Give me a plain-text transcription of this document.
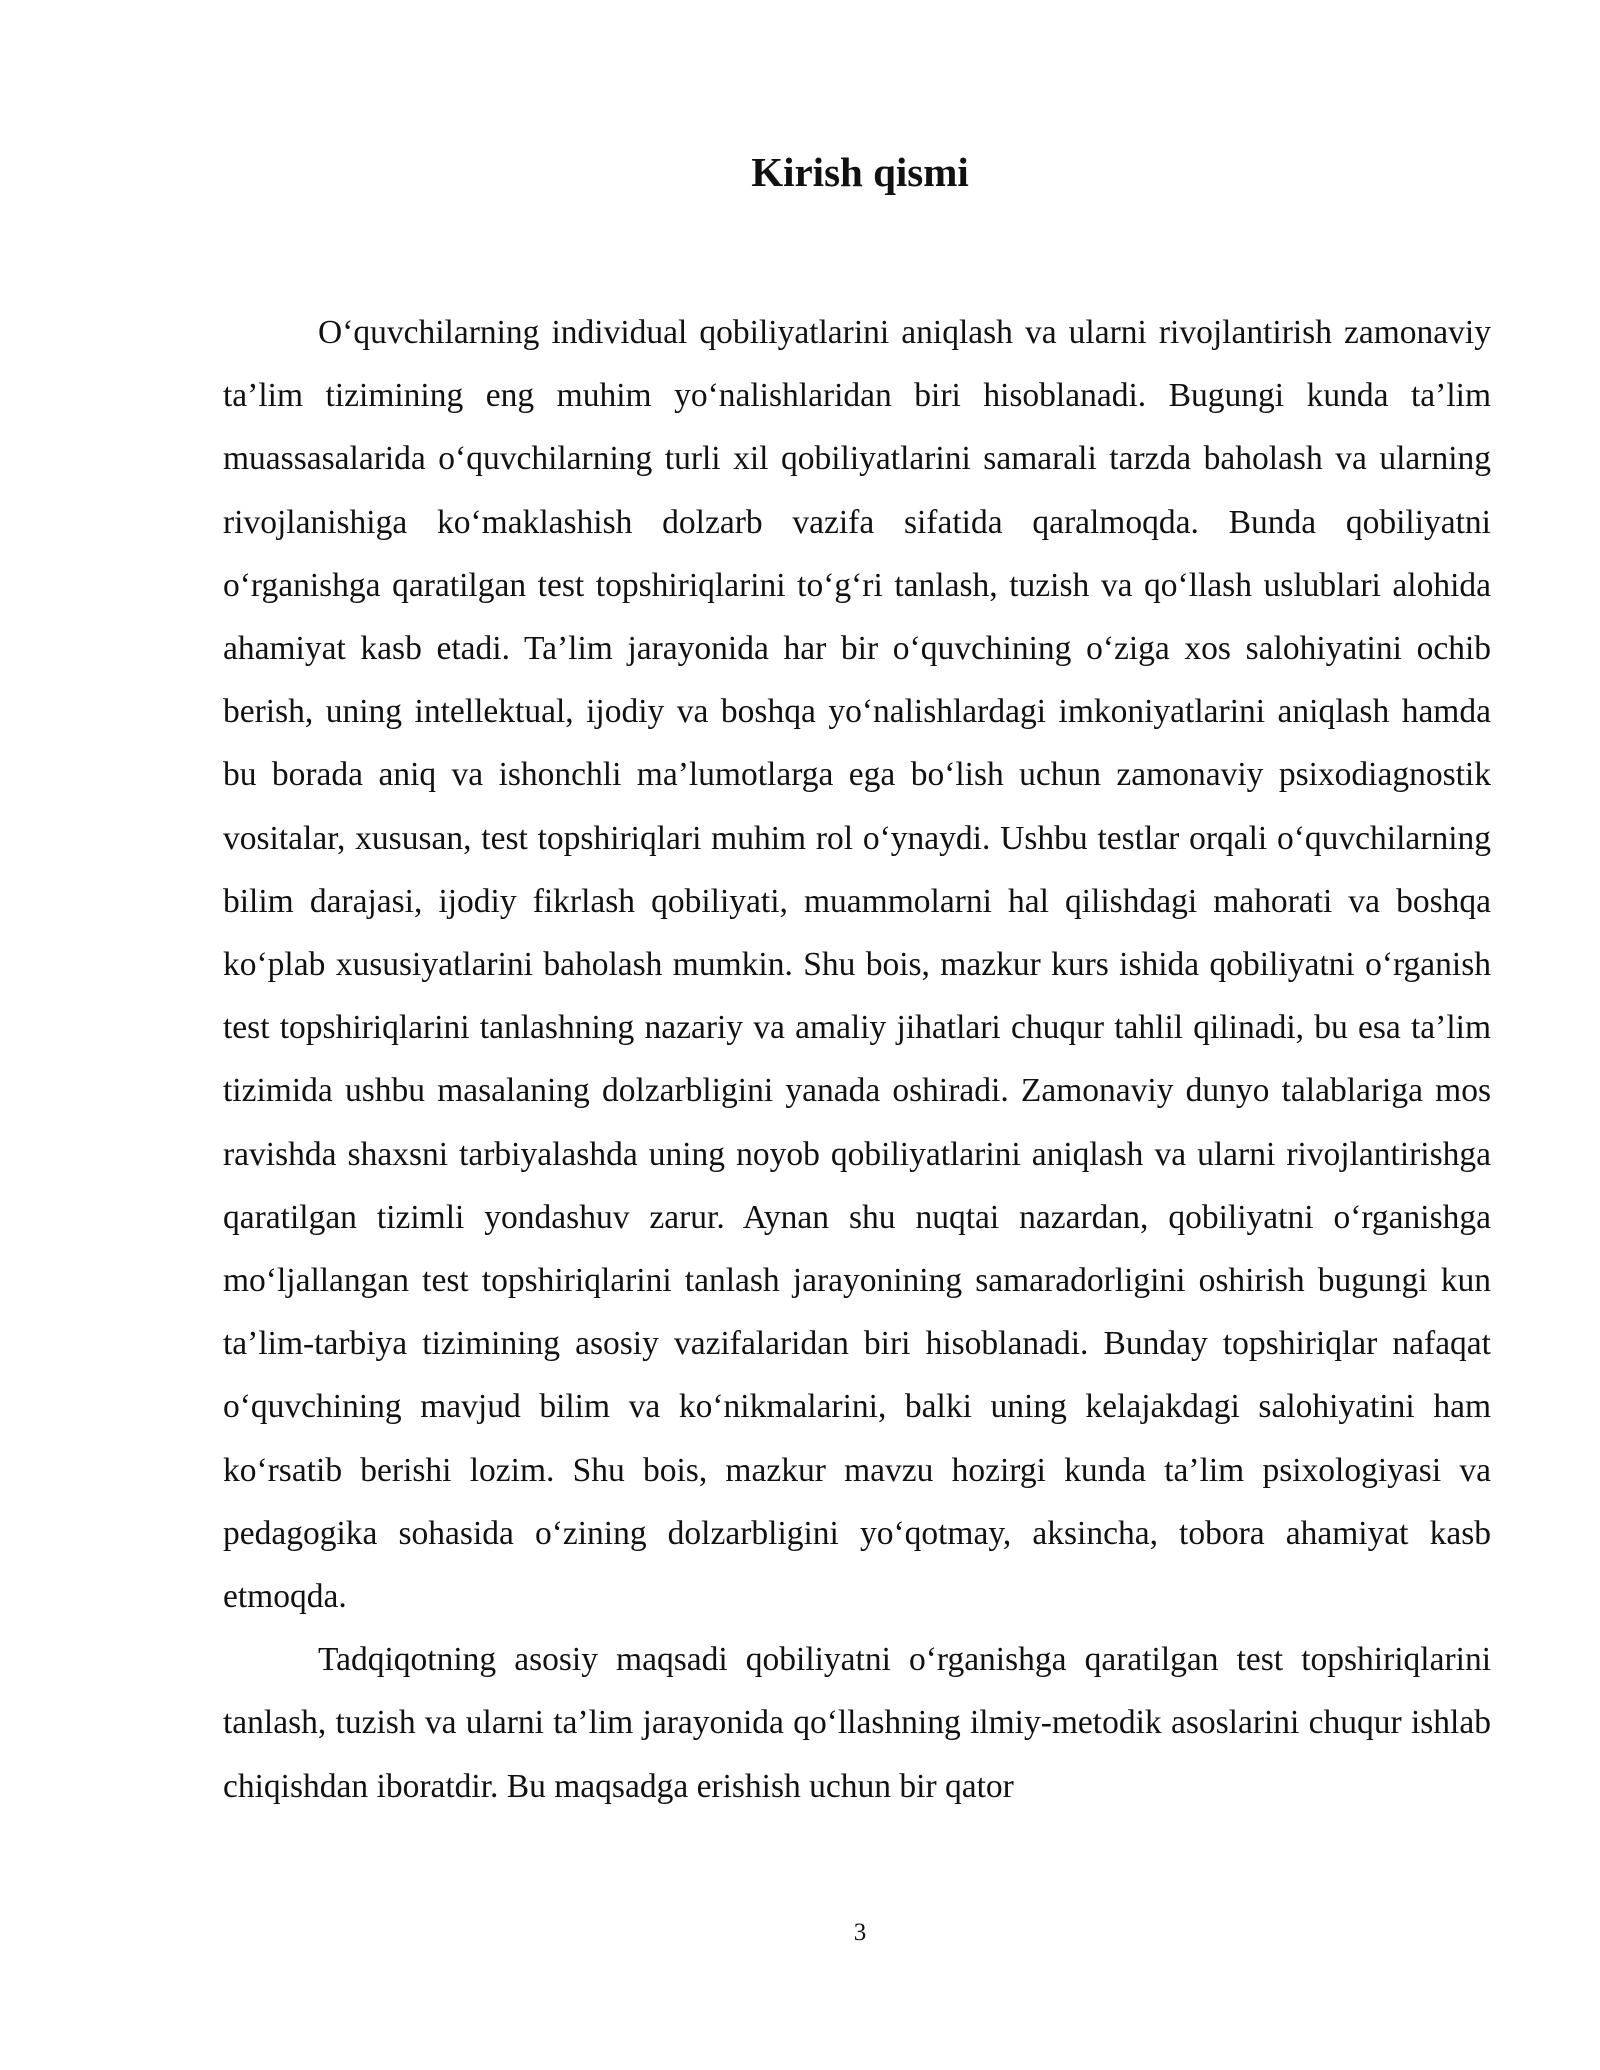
Kirish qismi

O‘quvchilarning individual qobiliyatlarini aniqlash va ularni rivojlantirish zamonaviy ta’lim tizimining eng muhim yo‘nalishlaridan biri hisoblanadi. Bugungi kunda ta’lim muassasalarida o‘quvchilarning turli xil qobiliyatlarini samarali tarzda baholash va ularning rivojlanishiga ko‘maklashish dolzarb vazifa sifatida qaralmoqda. Bunda qobiliyatni o‘rganishga qaratilgan test topshiriqlarini to‘g‘ri tanlash, tuzish va qo‘llash uslublari alohida ahamiyat kasb etadi. Ta’lim jarayonida har bir o‘quvchining o‘ziga xos salohiyatini ochib berish, uning intellektual, ijodiy va boshqa yo‘nalishlardagi imkoniyatlarini aniqlash hamda bu borada aniq va ishonchli ma’lumotlarga ega bo‘lish uchun zamonaviy psixodiagnostik vositalar, xususan, test topshiriqlari muhim rol o‘ynaydi. Ushbu testlar orqali o‘quvchilarning bilim darajasi, ijodiy fikrlash qobiliyati, muammolarni hal qilishdagi mahorati va boshqa ko‘plab xususiyatlarini baholash mumkin. Shu bois, mazkur kurs ishida qobiliyatni o‘rganish test topshiriqlarini tanlashning nazariy va amaliy jihatlari chuqur tahlil qilinadi, bu esa ta’lim tizimida ushbu masalaning dolzarbligini yanada oshiradi. Zamonaviy dunyo talablariga mos ravishda shaxsni tarbiyalashda uning noyob qobiliyatlarini aniqlash va ularni rivojlantirishga qaratilgan tizimli yondashuv zarur. Aynan shu nuqtai nazardan, qobiliyatni o‘rganishga mo‘ljallangan test topshiriqlarini tanlash jarayonining samaradorligini oshirish bugungi kun ta’lim-tarbiya tizimining asosiy vazifalaridan biri hisoblanadi. Bunday topshiriqlar nafaqat o‘quvchining mavjud bilim va ko‘nikmalarini, balki uning kelajakdagi salohiyatini ham ko‘rsatib berishi lozim. Shu bois, mazkur mavzu hozirgi kunda ta’lim psixologiyasi va pedagogika sohasida o‘zining dolzarbligini yo‘qotmay, aksincha, tobora ahamiyat kasb etmoqda.

Tadqiqotning asosiy maqsadi qobiliyatni o‘rganishga qaratilgan test topshiriqlarini tanlash, tuzish va ularni ta’lim jarayonida qo‘llashning ilmiy-metodik asoslarini chuqur ishlab chiqishdan iboratdir. Bu maqsadga erishish uchun bir qator

3
